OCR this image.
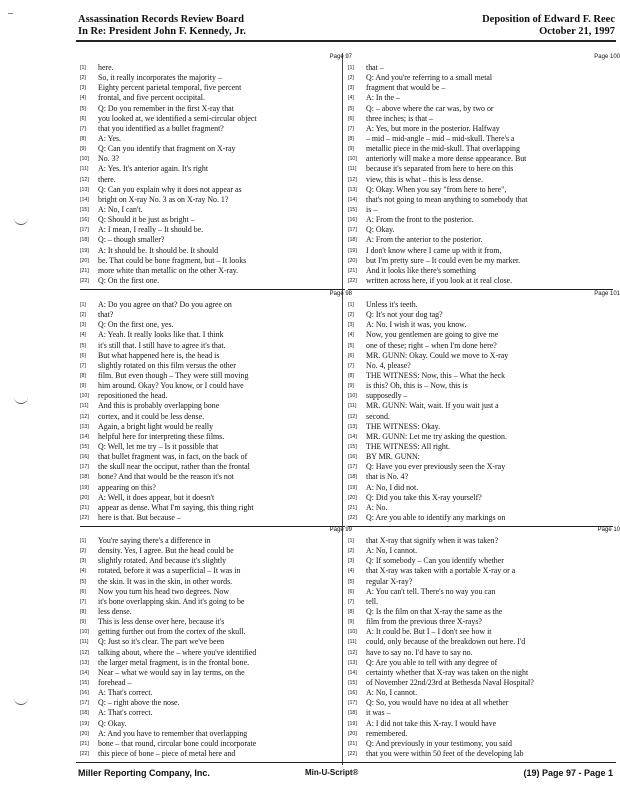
–
Assassination Records Review Board
In Re: President John F. Kennedy, Jr.
Deposition of Edward F. Reec
October 21, 1997
Page 97
[1]	here.
[2]	So, it really incorporates the majority –
[3]	Eighty percent parietal temporal, five percent
[4]	frontal, and five percent occipital.
[5]	Q: Do you remember in the first X-ray that
[6]	you looked at, we identified a semi-circular object
[7]	that you identified as a bullet fragment?
[8]	A: Yes.
[9]	Q: Can you identify that fragment on X-ray
[10]	No. 3?
[11]	A: Yes. It's anterior again. It's right
[12]	there.
[13]	Q: Can you explain why it does not appear as
[14]	bright on X-ray No. 3 as on X-ray No. 1?
[15]	A: No, I can't.
[16]	Q: Should it be just as bright –
[17]	A: I mean, I really – It should be.
[18]	Q: – though smaller?
[19]	A: It should be. It should be. It should
[20]	be. That could be bone fragment, but – It looks
[21]	more white than metallic on the other X-ray.
[22]	Q: On the first one.
Page 98
[1]	A: Do you agree on that? Do you agree on
[2]	that?
[3]	Q: On the first one, yes.
[4]	A: Yeah. It really looks like that. I think
[5]	it's still that. I still have to agree it's that.
[6]	But what happened here is, the head is
[7]	slightly rotated on this film versus the other
[8]	film. But even though – They were still moving
[9]	him around. Okay? You know, or I could have
[10]	repositioned the head.
[11]	And this is probably overlapping bone
[12]	cortex, and it could be less dense.
[13]	Again, a bright light would be really
[14]	helpful here for interpreting these films.
[15]	Q: Well, let me try – Is it possible that
[16]	that bullet fragment was, in fact, on the back of
[17]	the skull near the occiput, rather than the frontal
[18]	bone? And that would be the reason it's not
[19]	appearing on this?
[20]	A: Well, it does appear, but it doesn't
[21]	appear as dense. What I'm saying, this thing right
[22]	here is that. But because –
Page 99
[1]	You're saying there's a difference in
[2]	density. Yes, I agree. But the head could be
[3]	slightly rotated. And because it's slightly
[4]	rotated, before it was a superficial – It was in
[5]	the skin. It was in the skin, in other words.
[6]	Now you turn his head two degrees. Now
[7]	it's bone overlapping skin. And it's going to be
[8]	less dense.
[9]	This is less dense over here, because it's
[10]	getting further out from the cortex of the skull.
[11]	Q: Just so it's clear. The part we've been
[12]	talking about, where the – where you've identified
[13]	the larger metal fragment, is in the frontal bone.
[14]	Near – what we would say in lay terms, on the
[15]	forehead –
[16]	A: That's correct.
[17]	Q: – right above the nose.
[18]	A: That's correct.
[19]	Q: Okay.
[20]	A: And you have to remember that overlapping
[21]	bone – that round, circular bone could incorporate
[22]	this piece of bone – piece of metal here and
Page 100
[1]	that –
[2]	Q: And you're referring to a small metal
[3]	fragment that would be –
[4]	A: In the –
[5]	Q: – above where the car was, by two or
[6]	three inches; is that –
[7]	A: Yes, but more in the posterior. Halfway
[8]	– mid – mid-angle – mid – mid-skull. There's a
[9]	metallic piece in the mid-skull. That overlapping
[10]	anteriorly will make a more dense appearance. But
[11]	because it's separated from here to here on this
[12]	view, this is what – this is less dense.
[13]	Q: Okay. When you say "from here to here",
[14]	that's not going to mean anything to somebody that
[15]	is –
[16]	A: From the front to the posterior.
[17]	Q: Okay.
[18]	A: From the anterior to the posterior.
[19]	I don't know where I came up with it from,
[20]	but I'm pretty sure – It could even be my marker.
[21]	And it looks like there's something
[22]	written across here, if you look at it real close.
Page 101
[1]	Unless it's teeth.
[2]	Q: It's not your dog tag?
[3]	A: No. I wish it was, you know.
[4]	Now, you gentlemen are going to give me
[5]	one of these; right – when I'm done here?
[6]	MR. GUNN: Okay. Could we move to X-ray
[7]	No. 4, please?
[8]	THE WITNESS: Now, this – What the heck
[9]	is this? Oh, this is – Now, this is
[10]	supposedly –
[11]	MR. GUNN: Wait, wait. If you wait just a
[12]	second.
[13]	THE WITNESS: Okay.
[14]	MR. GUNN: Let me try asking the question.
[15]	THE WITNESS: All right.
[16]	BY MR. GUNN:
[17]	Q: Have you ever previously seen the X-ray
[18]	that is No. 4?
[19]	A: No, I did not.
[20]	Q: Did you take this X-ray yourself?
[21]	A: No.
[22]	Q: Are you able to identify any markings on
Page 10
[1]	that X-ray that signify when it was taken?
[2]	A: No, I cannot.
[3]	Q: If somebody – Can you identify whether
[4]	that X-ray was taken with a portable X-ray or a
[5]	regular X-ray?
[6]	A: You can't tell. There's no way you can
[7]	tell.
[8]	Q: Is the film on that X-ray the same as the
[9]	film from the previous three X-rays?
[10]	A: It could be. But I – I don't see how it
[11]	could, only because of the breakdown out here. I'd
[12]	have to say no. I'd have to say no.
[13]	Q: Are you able to tell with any degree of
[14]	certainty whether that X-ray was taken on the night
[15]	of November 22nd/23rd at Bethesda Naval Hospital?
[16]	A: No, I cannot.
[17]	Q: So, you would have no idea at all whether
[18]	it was –
[19]	A: I did not take this X-ray. I would have
[20]	remembered.
[21]	Q: And previously in your testimony, you said
[22]	that you were within 50 feet of the developing lab
Miller Reporting Company, Inc.	Min-U-Script®	(19) Page 97 - Page 1
